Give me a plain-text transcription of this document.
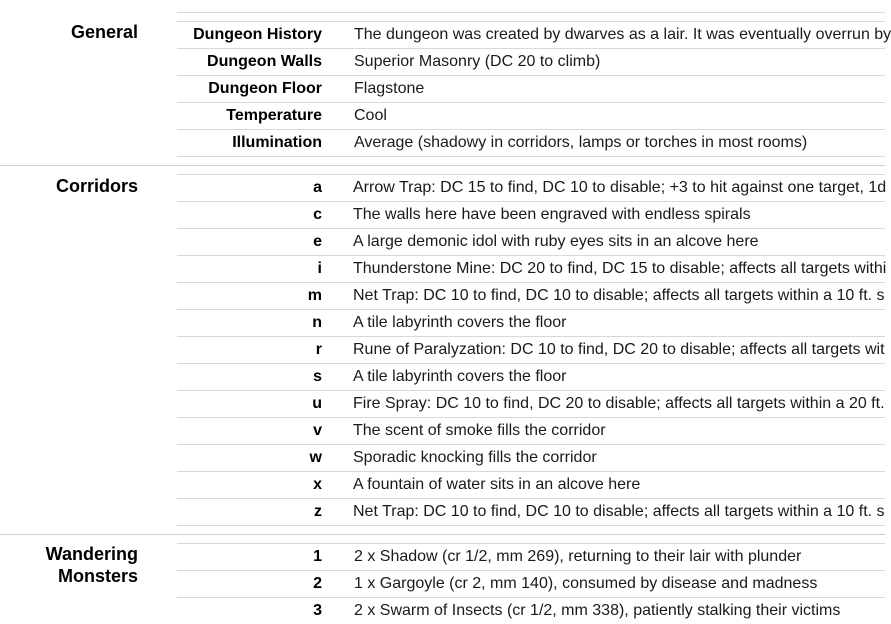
General	Dungeon History	The dungeon was created by dwarves as a lair. It was eventually overrun by
Dungeon Walls	Superior Masonry (DC 20 to climb)
Dungeon Floor	Flagstone
Temperature	Cool
Illumination	Average (shadowy in corridors, lamps or torches in most rooms)
Corridors	a	Arrow Trap: DC 15 to find, DC 10 to disable; +3 to hit against one target, 1d
c	The walls here have been engraved with endless spirals
e	A large demonic idol with ruby eyes sits in an alcove here
i	Thunderstone Mine: DC 20 to find, DC 15 to disable; affects all targets withi
m	Net Trap: DC 10 to find, DC 10 to disable; affects all targets within a 10 ft. s
n	A tile labyrinth covers the floor
r	Rune of Paralyzation: DC 10 to find, DC 20 to disable; affects all targets wit
s	A tile labyrinth covers the floor
u	Fire Spray: DC 10 to find, DC 20 to disable; affects all targets within a 20 ft.
v	The scent of smoke fills the corridor
w	Sporadic knocking fills the corridor
x	A fountain of water sits in an alcove here
z	Net Trap: DC 10 to find, DC 10 to disable; affects all targets within a 10 ft. s
Wandering
Monsters
1	2 x Shadow (cr 1/2, mm 269), returning to their lair with plunder
2	1 x Gargoyle (cr 2, mm 140), consumed by disease and madness
3	2 x Swarm of Insects (cr 1/2, mm 338), patiently stalking their victims
